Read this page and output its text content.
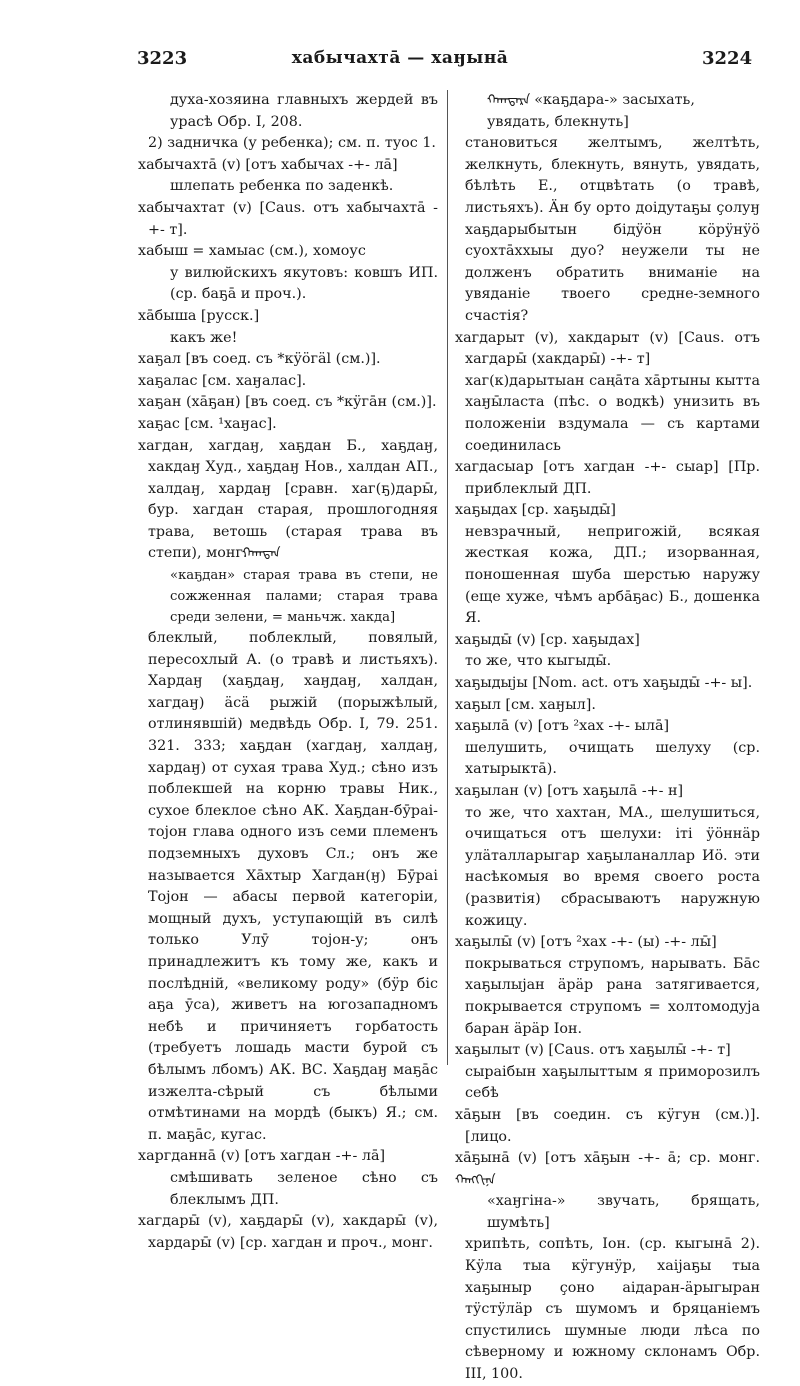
3223	хабычахта̄ — хаӈына̄	3224

духа-хозяина главныхъ жердей въ урасѣ Обр. I, 208.

2) задничка (у ребенка); см. п. туос 1.

хабычахта̄ (v) [отъ хабычах -+- ла̄]

шлепать ребенка по заденкѣ.

хабычахтат (v) [Caus. отъ хабычахта̄ -+- т].

хабыш = хамыас (см.), хомоус

у вилюйскихъ якутовъ: ковшъ ИП. (ср. баҕа̄ и проч.).

ха̄быша [русск.]

какъ же!

хаҕал [въ соед. съ *кӱӧгӓl (см.)].

хаҕалас [см. хаӈалас].

хаҕан (ха̄ҕан) [въ соед. съ *кӱга̄н (см.)].

хаҕас [см. ¹хаӈас].

хагдан, хагдаӈ, хаҕдан Б., хаҕдаӈ, хакдаӈ Худ., хаҕдаӈ Нов., халдан АП., халдаӈ, хардаӈ [сравн. хаг(ҕ)дары̄, бур. хагдан старая, прошлогодняя трава, ветошь (старая трава въ степи), монг. ᠬᠠᠭᠳᠠᠨ

«каҕдан» старая трава въ степи, не сожженная палами; старая трава среди зелени, = маньчж. хакда]

блеклый, поблеклый, повялый, пересохлый А. (о травѣ и листьяхъ). Хардаӈ (хаҕдаӈ, хаӈдаӈ, халдан, хагдаӈ) ӓсӓ рыжій (порыжѣлый, отлинявшій) медвѣдь Обр. I, 79. 251. 321. 333; хаҕдан (хагдаӈ, халдаӈ, хардаӈ) от сухая трава Худ.; сѣно изъ поблекшей на корню травы Ник., сухое блеклое сѣно АК. Хаҕдан-бӯраі-тојон глава одного изъ семи племенъ подземныхъ духовъ Сл.; онъ же называется Ха̄хтыр Хагдан(ӈ) Бӯраі Тојон — абасы первой категоріи, мощный духъ, уступающій въ силѣ только Улӯ тојон-у; онъ принадлежитъ къ тому же, какъ и послѣдній, «великому роду» (бӱр біс аҕа ӯса), живетъ на югозападномъ небѣ и причиняетъ горбатость (требуетъ лошадь масти бурой съ бѣлымъ лбомъ) АК. ВС. Хаҕдаӈ маҕа̄с изжелта-сѣрый съ бѣлыми отмѣтинами на мордѣ (быкъ) Я.; см. п. маҕа̄с, кугас.

харгданна̄ (v) [отъ хагдан -+- ла̄]

смѣшивать зеленое сѣно съ блеклымъ ДП.

хагдары̄ (v), хаҕдары̄ (v), хакдары̄ (v), хардары̄ (v) [ср. хагдан и проч., монг.

ᠬᠠᠭᠳᠠᠷᠠ «каҕдара-» засыхать, увядать, блекнуть]

становиться желтымъ, желтѣть, желкнуть, блекнуть, вянуть, увядать, бѣлѣть Е., отцвѣтать (о травѣ, листьяхъ). Ӓн бу орто доідутаҕы ҫолуӈ хаҕдарыбытын бідӱӧн кӧрӱнӱӧ суохта̄ххыы дуо? неужели ты не долженъ обратить вниманіе на увяданіе твоего средне-земного счастія?

хагдарыт (v), хакдарыт (v) [Caus. отъ хагдары̄ (хакдары̄) -+- т]

хаг(к)дарытыан саңа̄та ха̄ртыны кытта хаӈы̄ласта (пѣс. о водкѣ) унизить въ положеніи вздумала — съ картами соединилась

хагдасыар [отъ хагдан -+- сыар] [Пр. приблеклый ДП.

хаҕыдах [ср. хаҕыды̄]

невзрачный, непригожій, всякая жесткая кожа, ДП.; изорванная, поношенная шуба шерстью наружу (еще хуже, чѣмъ арба̄ҕас) Б., дошенка Я.

хаҕыды̄ (v) [ср. хаҕыдах]

то же, что кыгыды̄.

хаҕыдыјы [Nom. act. отъ хаҕыды̄ -+- ы].

хаҕыл [см. хаӈыл].

хаҕыла̄ (v) [отъ ²хах -+- ыла̄]

шелушить, очищать шелуху (ср. хатырыкта̄).

хаҕылан (v) [отъ хаҕыла̄ -+- н]

то же, что хахтан, МА., шелушиться, очищаться отъ шелухи: іті ӱӧннӓр улӓталларыгар хаҕыланаллар Иӧ. эти насѣкомыя во время своего роста (развитія) сбрасываютъ наружную кожицу.

хаҕылы̄ (v) [отъ ²хах -+- (ы) -+- лы̄]

покрываться струпомъ, нарывать. Ба̄с хаҕылыјан ӓрӓр рана затягивается, покрывается струпомъ = холтомодуја баран ӓрӓр Іон.

хаҕылыт (v) [Caus. отъ хаҕылы̄ -+- т]

сыраібын хаҕылыттым я приморозилъ себѣ

ха̄ҕын [въ соедин. съ кӱгун (см.)]. [лицо.

ха̄ҕына̄ (v) [отъ ха̄ҕын -+- а̄; ср. монг. ᠬᠠᠩᠭᠢᠨᠠ

«хаӈгіна-» звучать, брящать, шумѣть]

хрипѣть, сопѣть, Іон. (ср. кыгына̄ 2). Кӱла тыа кӱгунӱр, хаіјаҕы тыа хаҕыныр ҫоно аідаран-ӓрыгыран тӱстӱлӓр съ шумомъ и бряцаніемъ спустились шумные люди лѣса по сѣверному и южному склонамъ Обр. III, 100.
